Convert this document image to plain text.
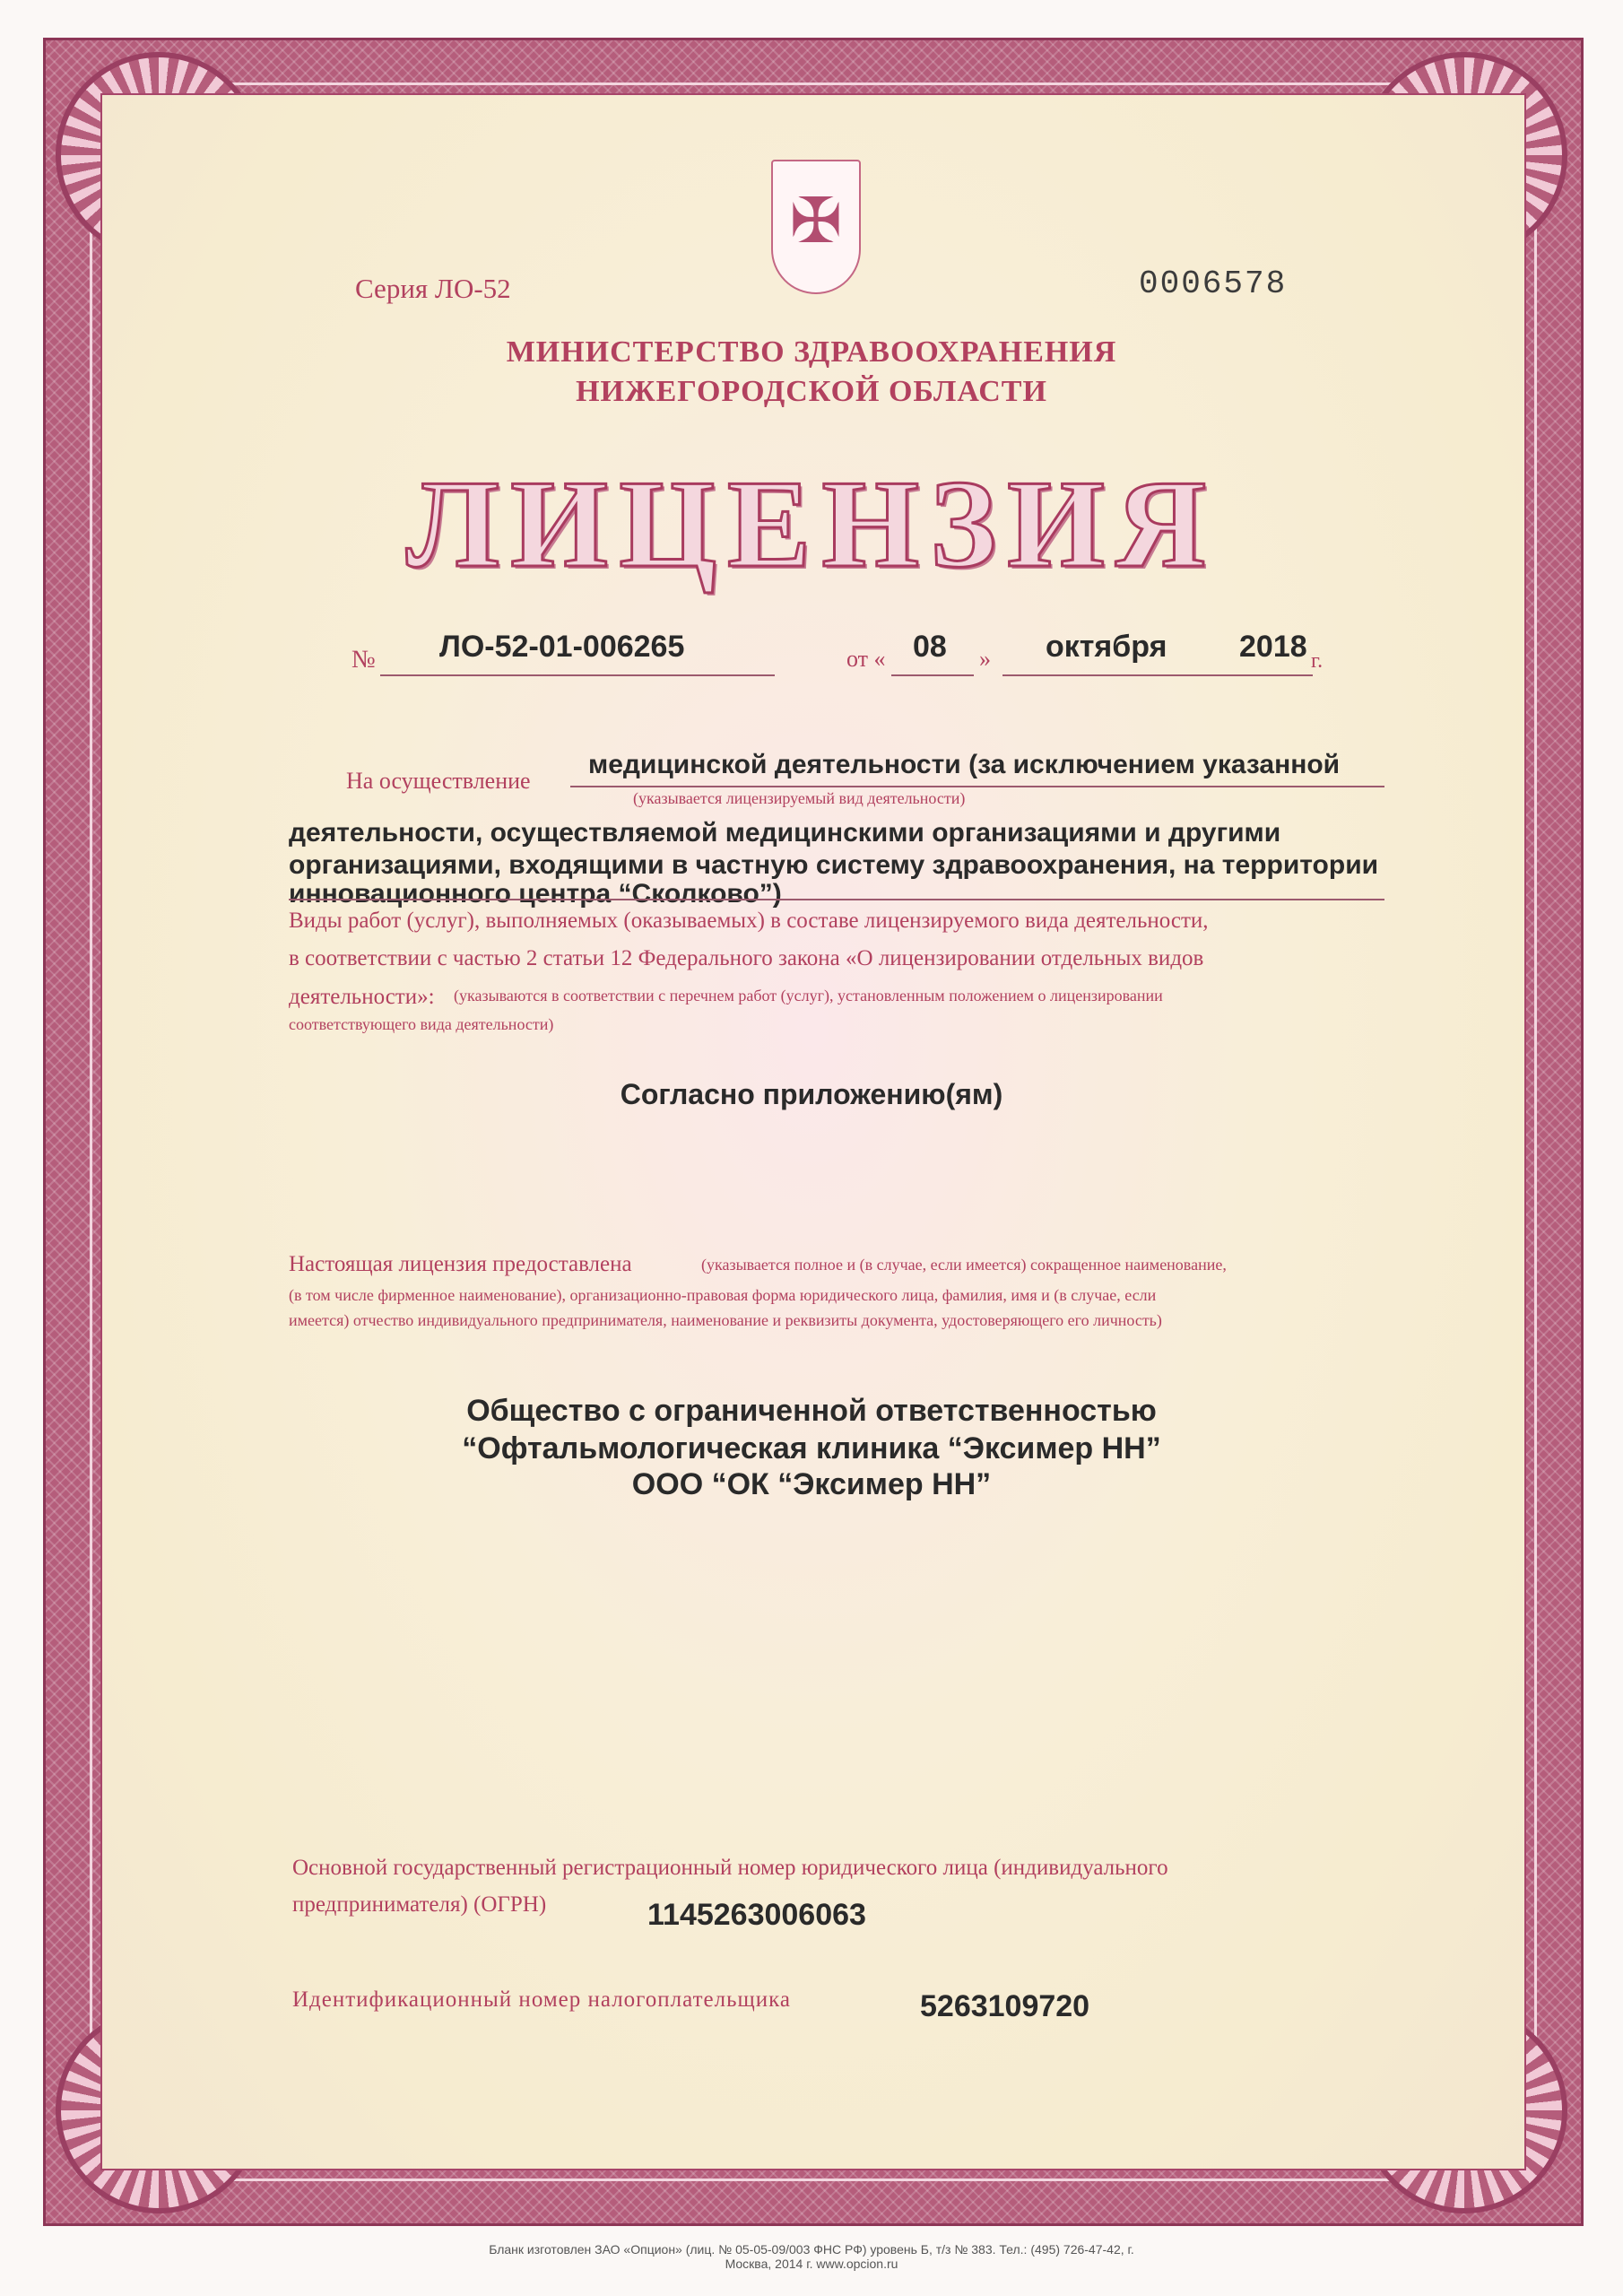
✠
Серия ЛО-52	0006578
МИНИСТЕРСТВО ЗДРАВООХРАНЕНИЯ
НИЖЕГОРОДСКОЙ ОБЛАСТИ
ЛИЦЕНЗИЯ
№ ЛО-52-01-006265	от « 08 » октября 2018 г.
На осуществление
медицинской деятельности (за исключением указанной
(указывается лицензируемый вид деятельности)
деятельности, осуществляемой медицинскими организациями и другими
организациями, входящими в частную систему здравоохранения, на территории
инновационного центра “Сколково”)
Виды работ (услуг), выполняемых (оказываемых) в составе лицензируемого вида деятельности,
в соответствии с частью 2 статьи 12 Федерального закона «О лицензировании отдельных видов
деятельности»: (указываются в соответствии с перечнем работ (услуг), установленным положением о лицензировании
соответствующего вида деятельности)
Согласно приложению(ям)
Настоящая лицензия предоставлена	(указывается полное и (в случае, если имеется) сокращенное наименование,
(в том числе фирменное наименование), организационно-правовая форма юридического лица, фамилия, имя и (в случае, если
имеется) отчество индивидуального предпринимателя, наименование и реквизиты документа, удостоверяющего его личность)
Общество с ограниченной ответственностью
“Офтальмологическая клиника “Эксимер НН”
ООО “ОК “Эксимер НН”
Основной государственный регистрационный номер юридического лица (индивидуального
предпринимателя) (ОГРН)	1145263006063
Идентификационный номер налогоплательщика	5263109720
Бланк изготовлен ЗАО «Опцион» (лиц. № 05-05-09/003 ФНС РФ) уровень Б, т/з № 383. Тел.: (495) 726-47-42, г. Москва, 2014 г. www.opcion.ru
